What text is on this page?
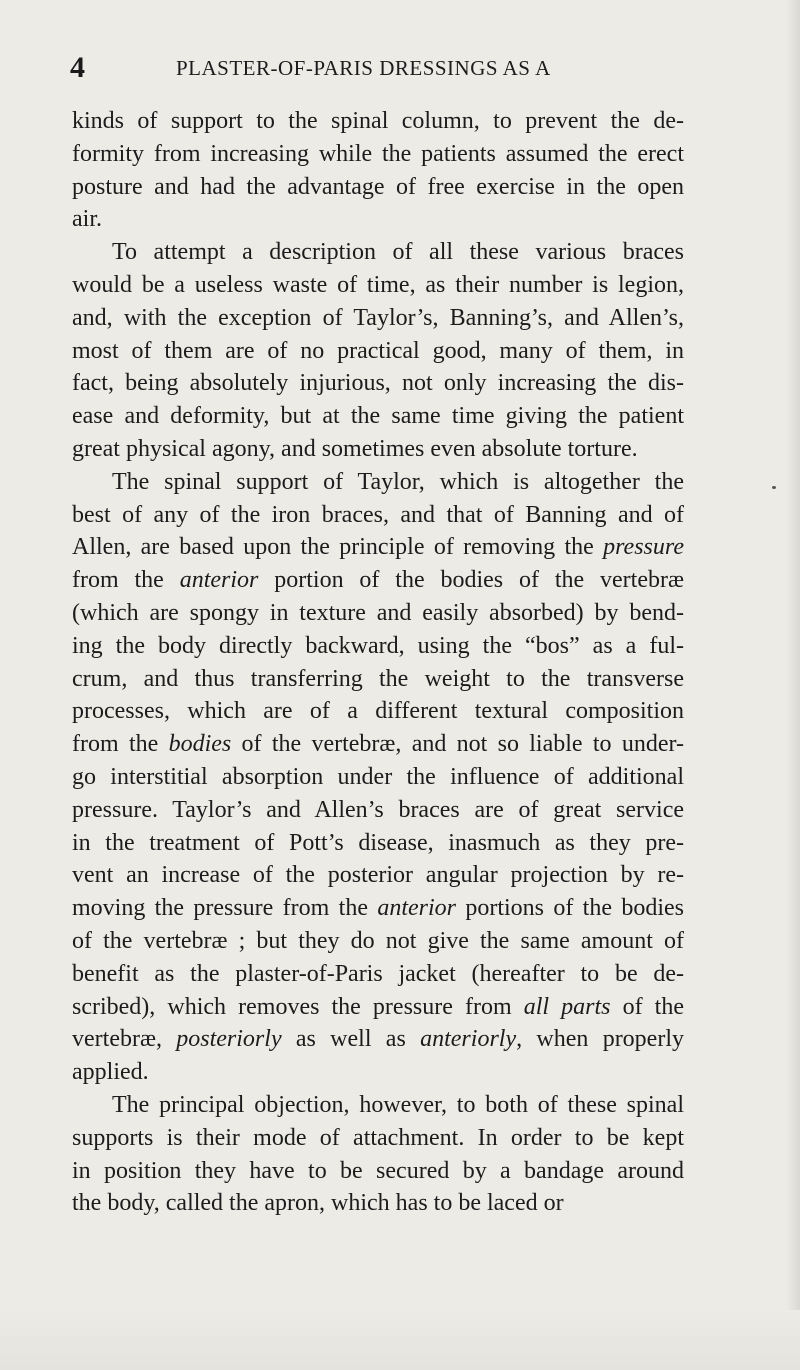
4	PLASTER-OF-PARIS DRESSINGS AS A
kinds of support to the spinal column, to prevent the de-
formity from increasing while the patients assumed the erect
posture and had the advantage of free exercise in the open
air.
To attempt a description of all these various braces
would be a useless waste of time, as their number is legion,
and, with the exception of Taylor’s, Banning’s, and Allen’s,
most of them are of no practical good, many of them, in
fact, being absolutely injurious, not only increasing the dis-
ease and deformity, but at the same time giving the patient
great physical agony, and sometimes even absolute torture.
The spinal support of Taylor, which is altogether the
best of any of the iron braces, and that of Banning and of
Allen, are based upon the principle of removing the pressure
from the anterior portion of the bodies of the vertebræ
(which are spongy in texture and easily absorbed) by bend-
ing the body directly backward, using the “bos” as a ful-
crum, and thus transferring the weight to the transverse
processes, which are of a different textural composition
from the bodies of the vertebræ, and not so liable to under-
go interstitial absorption under the influence of additional
pressure. Taylor’s and Allen’s braces are of great service
in the treatment of Pott’s disease, inasmuch as they pre-
vent an increase of the posterior angular projection by re-
moving the pressure from the anterior portions of the bodies
of the vertebræ ; but they do not give the same amount of
benefit as the plaster-of-Paris jacket (hereafter to be de-
scribed), which removes the pressure from all parts of the
vertebræ, posteriorly as well as anteriorly, when properly
applied.
The principal objection, however, to both of these spinal
supports is their mode of attachment. In order to be kept
in position they have to be secured by a bandage around
the body, called the apron, which has to be laced or
